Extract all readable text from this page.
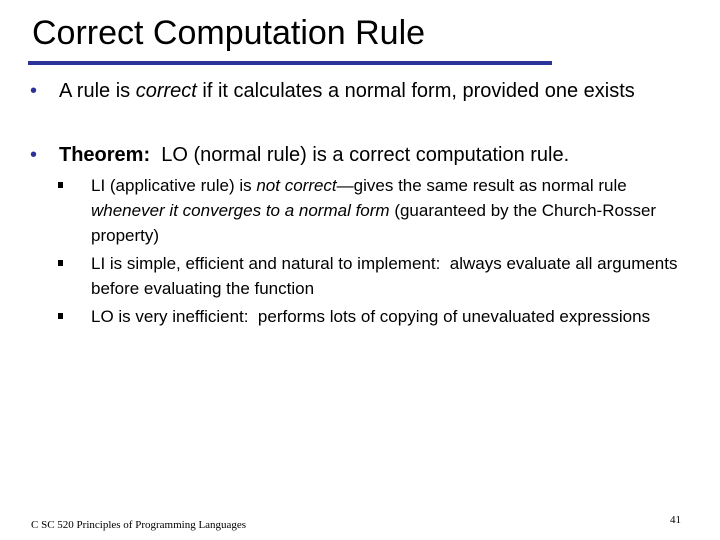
Correct Computation Rule
• A rule is correct if it calculates a normal form, provided one exists
• Theorem:  LO (normal rule) is a correct computation rule.
LI (applicative rule) is not correct—gives the same result as normal rule whenever it converges to a normal form (guaranteed by the Church-Rosser property)
LI is simple, efficient and natural to implement:  always evaluate all arguments before evaluating the function
LO is very inefficient:  performs lots of copying of unevaluated expressions
C SC 520 Principles of Programming Languages	41
